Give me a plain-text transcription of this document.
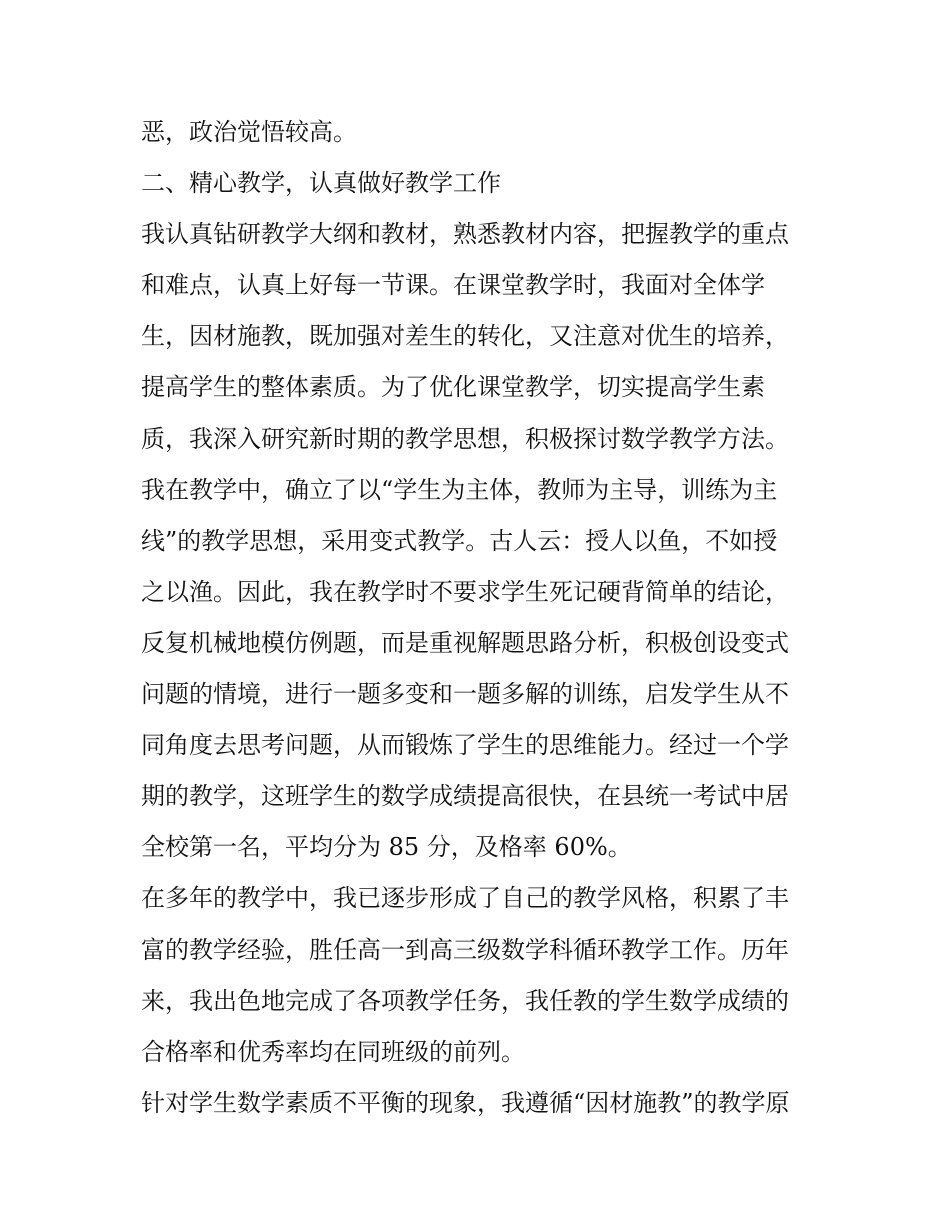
恶，政治觉悟较高。
二、精心教学，认真做好教学工作
我认真钻研教学大纲和教材，熟悉教材内容，把握教学的重点
和难点，认真上好每一节课。在课堂教学时，我面对全体学
生，因材施教，既加强对差生的转化，又注意对优生的培养，
提高学生的整体素质。为了优化课堂教学，切实提高学生素
质，我深入研究新时期的教学思想，积极探讨数学教学方法。
我在教学中，确立了以“学生为主体，教师为主导，训练为主
线”的教学思想，采用变式教学。古人云：授人以鱼，不如授
之以渔。因此，我在教学时不要求学生死记硬背简单的结论，
反复机械地模仿例题，而是重视解题思路分析，积极创设变式
问题的情境，进行一题多变和一题多解的训练，启发学生从不
同角度去思考问题，从而锻炼了学生的思维能力。经过一个学
期的教学，这班学生的数学成绩提高很快，在县统一考试中居
全校第一名，平均分为 85 分，及格率 60%。
在多年的教学中，我已逐步形成了自己的教学风格，积累了丰
富的教学经验，胜任高一到高三级数学科循环教学工作。历年
来，我出色地完成了各项教学任务，我任教的学生数学成绩的
合格率和优秀率均在同班级的前列。
针对学生数学素质不平衡的现象，我遵循“因材施教”的教学原
